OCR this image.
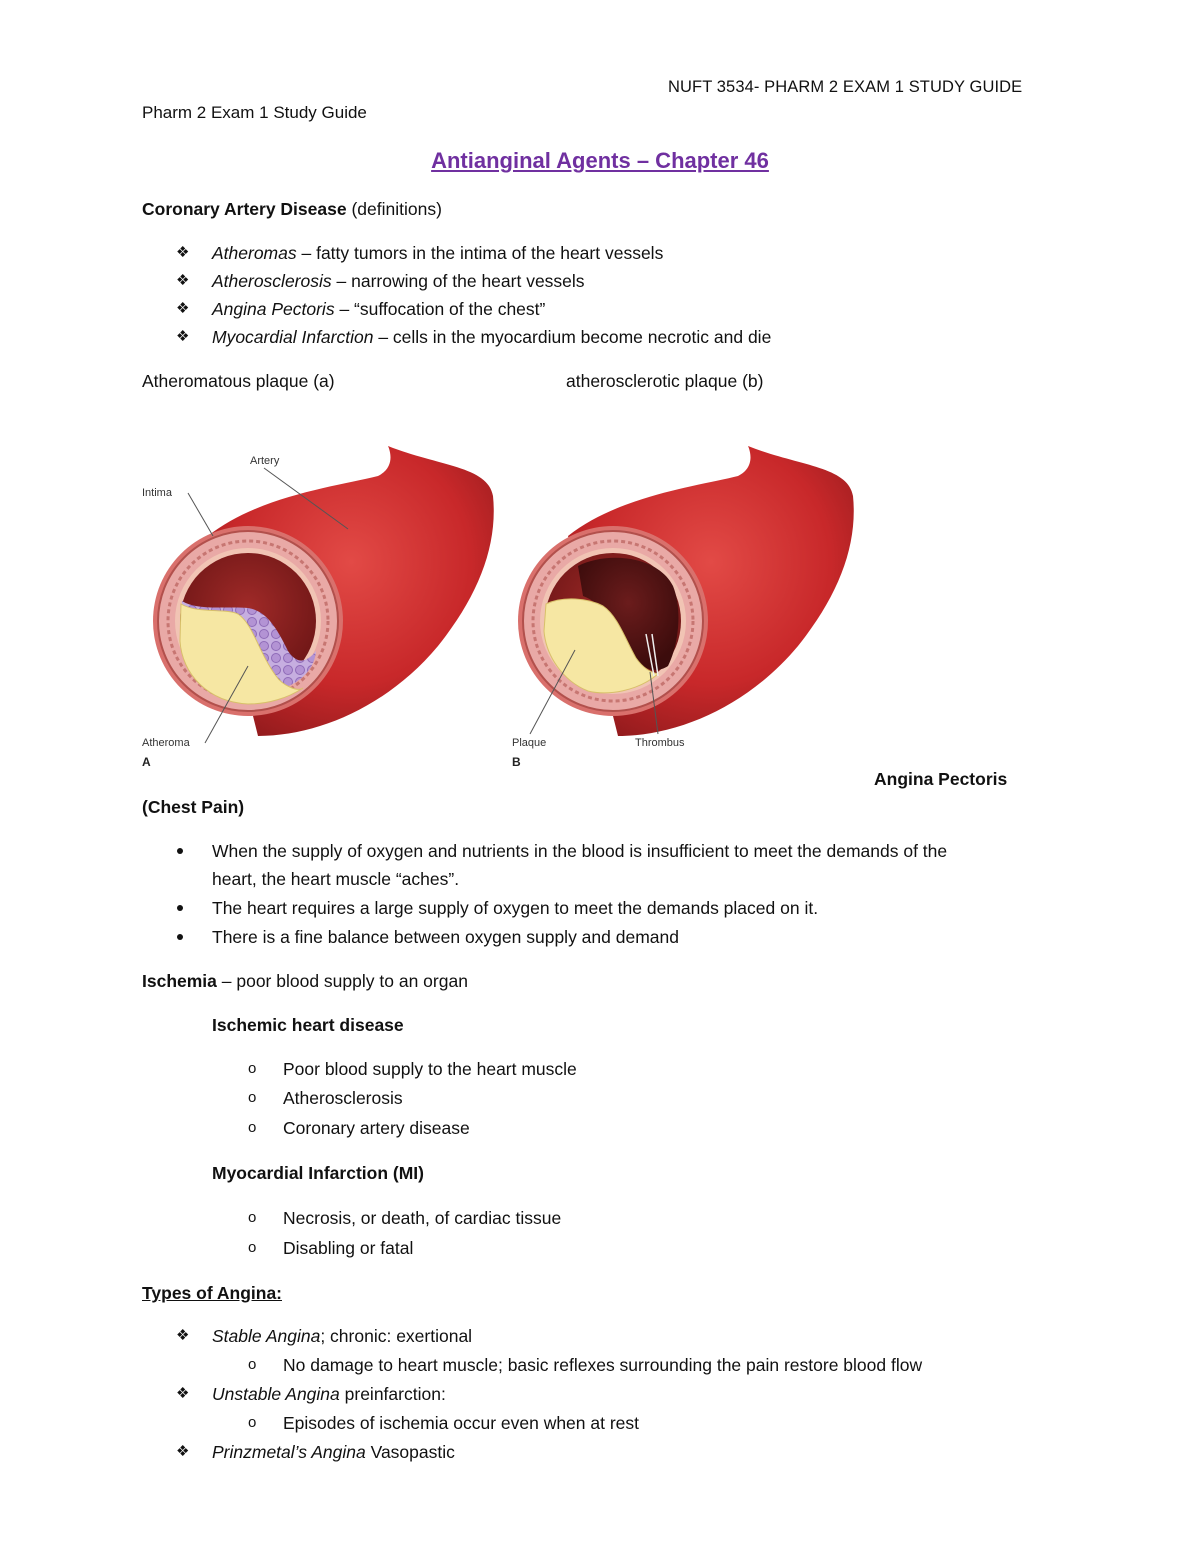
NUFT 3534- PHARM 2 EXAM 1 STUDY GUIDE
Pharm 2 Exam 1 Study Guide
Antianginal Agents – Chapter 46
Coronary Artery Disease (definitions)
❖ Atheromas – fatty tumors in the intima of the heart vessels
❖ Atherosclerosis – narrowing of the heart vessels
❖ Angina Pectoris – “suffocation of the chest”
❖ Myocardial Infarction – cells in the myocardium become necrotic and die
Atheromatous plaque (a)	atherosclerotic plaque (b)
Artery
Intima
Atheroma
A
Plaque	Thrombus
B
Angina Pectoris
(Chest Pain)
When the supply of oxygen and nutrients in the blood is insufficient to meet the demands of the
heart, the heart muscle “aches”.
The heart requires a large supply of oxygen to meet the demands placed on it.
There is a fine balance between oxygen supply and demand
Ischemia – poor blood supply to an organ
Ischemic heart disease
o Poor blood supply to the heart muscle
o Atherosclerosis
o Coronary artery disease
Myocardial Infarction (MI)
o Necrosis, or death, of cardiac tissue
o Disabling or fatal
Types of Angina:
❖ Stable Angina; chronic: exertional
o No damage to heart muscle; basic reflexes surrounding the pain restore blood flow
❖ Unstable Angina preinfarction:
o Episodes of ischemia occur even when at rest
❖ Prinzmetal’s Angina Vasopastic
